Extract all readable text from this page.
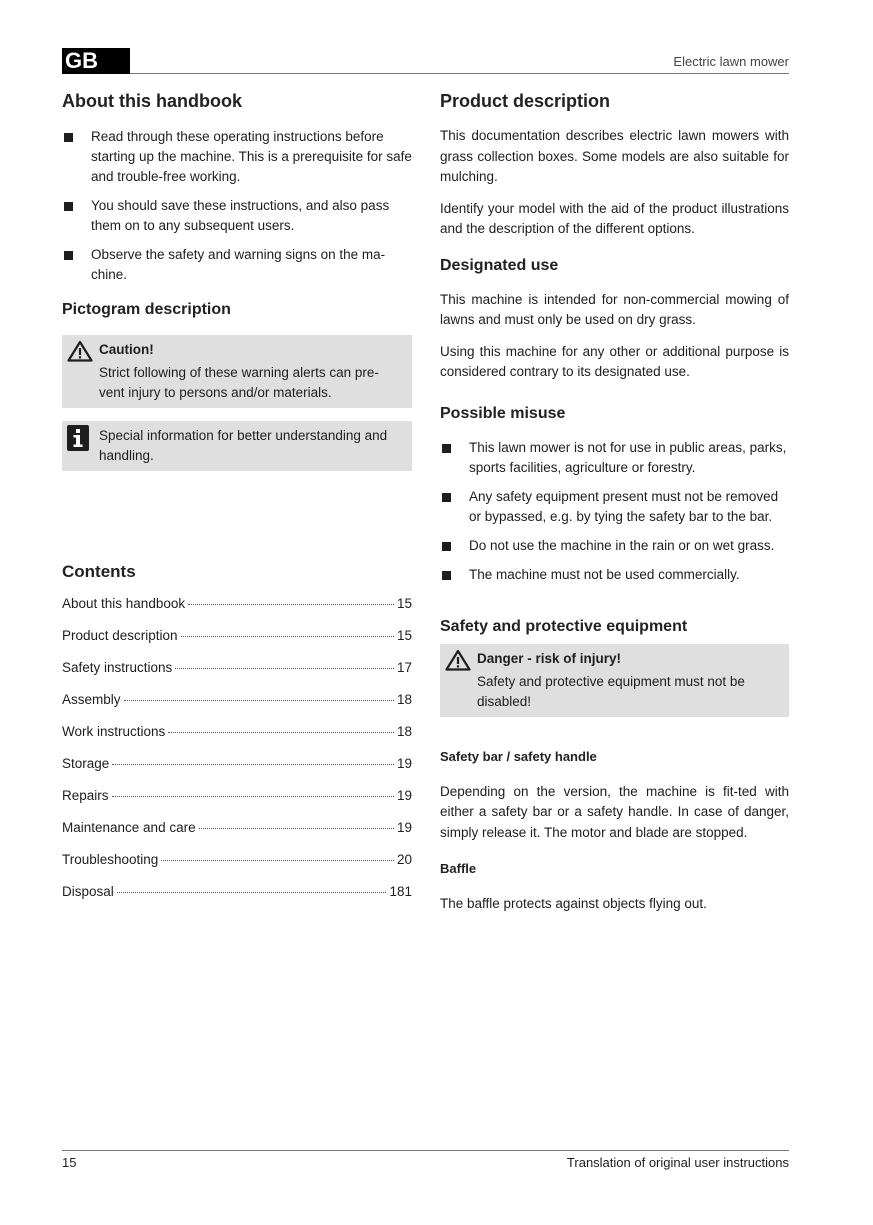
GB	Electric lawn mower
About this handbook
Read through these operating instructions before starting up the machine. This is a prerequisite for safe and trouble-free working.
You should save these instructions, and also pass them on to any subsequent users.
Observe the safety and warning signs on the ma-chine.
Pictogram description
Caution!
Strict following of these warning alerts can pre-vent injury to persons and/or materials.
Special information for better understanding and handling.
Contents
About this handbook	15
Product description	15
Safety instructions	17
Assembly	18
Work instructions	18
Storage	19
Repairs	19
Maintenance and care	19
Troubleshooting	20
Disposal	181
Product description

This documentation describes electric lawn mowers with grass collection boxes. Some models are also suitable for mulching.

Identify your model with the aid of the product illustrations and the description of the different options.

Designated use

This machine is intended for non-commercial mowing of lawns and must only be used on dry grass.

Using this machine for any other or additional purpose is considered contrary to its designated use.

Possible misuse
This lawn mower is not for use in public areas, parks, sports facilities, agriculture or forestry.
Any safety equipment present must not be removed or bypassed, e.g. by tying the safety bar to the bar.
Do not use the machine in the rain or on wet grass.
The machine must not be used commercially.
Safety and protective equipment
Danger - risk of injury!
Safety and protective equipment must not be disabled!
Safety bar / safety handle

Depending on the version, the machine is fit-ted with either a safety bar or a safety handle. In case of danger, simply release it. The motor and blade are stopped.

Baffle

The baffle protects against objects flying out.

15	Translation of original user instructions
